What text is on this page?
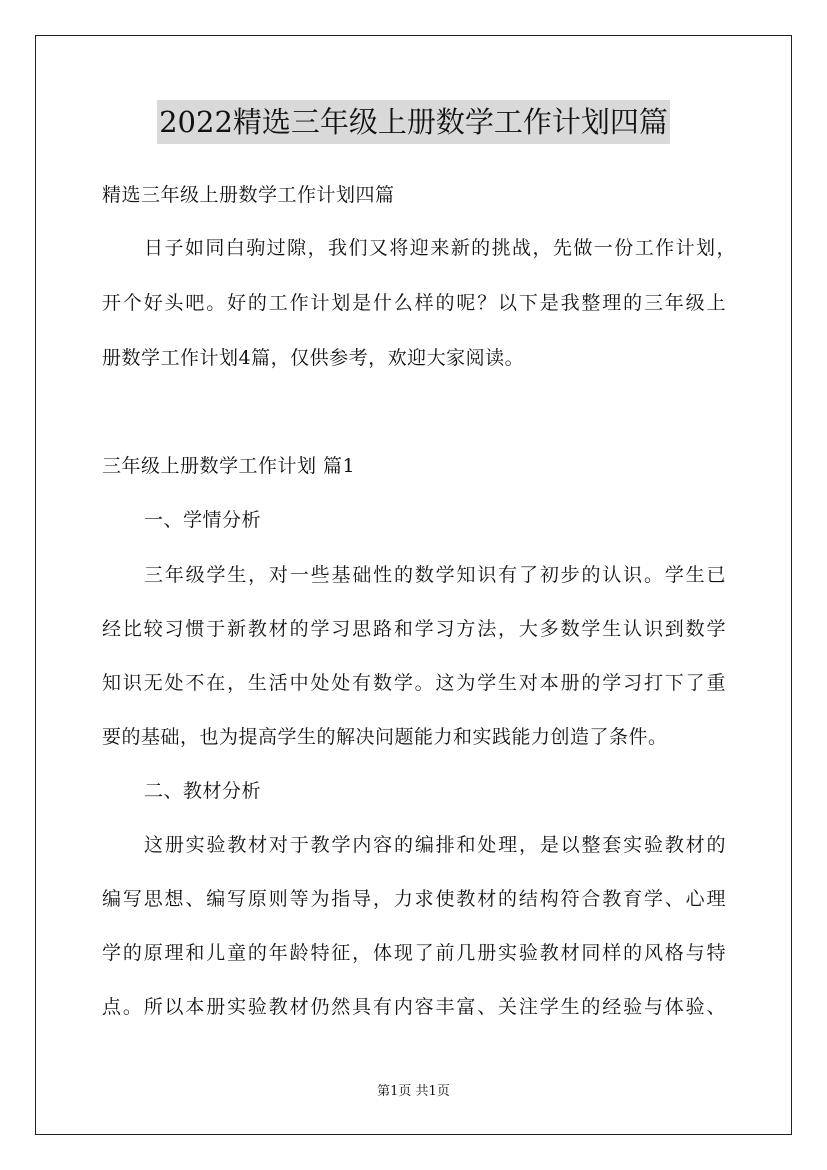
2022精选三年级上册数学工作计划四篇
精选三年级上册数学工作计划四篇
日子如同白驹过隙，我们又将迎来新的挑战，先做一份工作计划，
开个好头吧。好的工作计划是什么样的呢？以下是我整理的三年级上
册数学工作计划4篇，仅供参考，欢迎大家阅读。
三年级上册数学工作计划 篇1
一、学情分析
三年级学生，对一些基础性的数学知识有了初步的认识。学生已
经比较习惯于新教材的学习思路和学习方法，大多数学生认识到数学
知识无处不在，生活中处处有数学。这为学生对本册的学习打下了重
要的基础，也为提高学生的解决问题能力和实践能力创造了条件。
二、教材分析
这册实验教材对于教学内容的编排和处理，是以整套实验教材的
编写思想、编写原则等为指导，力求使教材的结构符合教育学、心理
学的原理和儿童的年龄特征，体现了前几册实验教材同样的风格与特
点。所以本册实验教材仍然具有内容丰富、关注学生的经验与体验、
第1页 共1页
